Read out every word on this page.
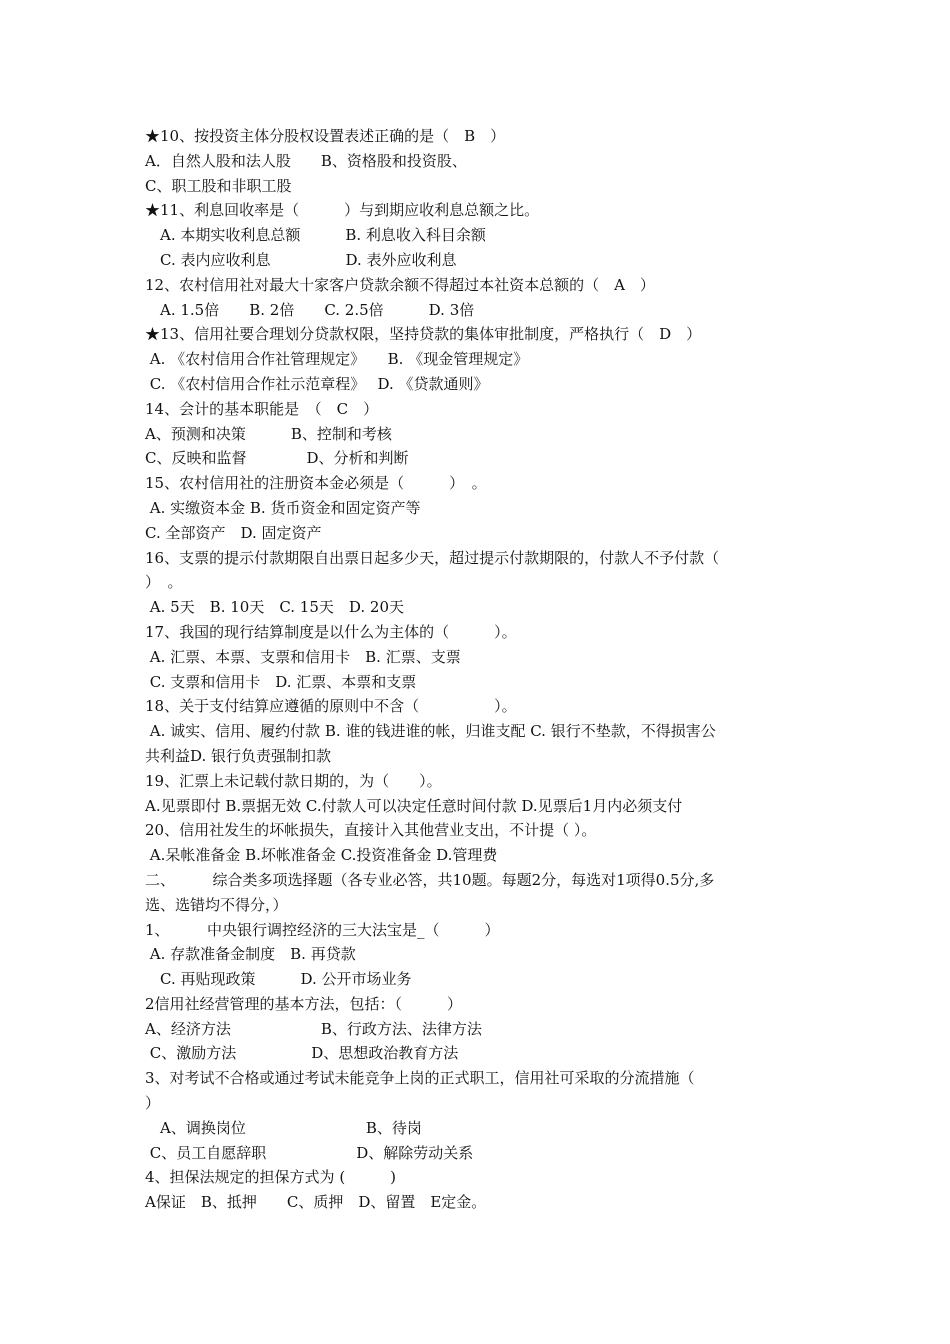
★10、按投资主体分股权设置表述正确的是（　B　）
A．自然人股和法人股　　B、资格股和投资股、
C、职工股和非职工股
★11、利息回收率是（　　　）与到期应收利息总额之比。
　A. 本期实收利息总额　　　B. 利息收入科目余额
　C. 表内应收利息　　　　　D. 表外应收利息
12、农村信用社对最大十家客户贷款余额不得超过本社资本总额的（　A　）
　A. 1.5倍　　B. 2倍　　C. 2.5倍　　　D. 3倍
★13、信用社要合理划分贷款权限，坚持贷款的集体审批制度，严格执行（　D　）
A. 《农村信用合作社管理规定》　　B. 《现金管理规定》
C. 《农村信用合作社示范章程》　 D. 《贷款通则》
14、会计的基本职能是　（　C　）
A、预测和决策　　　B、控制和考核
C、反映和监督　　　　D、分析和判断
15、农村信用社的注册资本金必须是（　　　）　。
A. 实缴资本金 B. 货币资金和固定资产等
C. 全部资产　D. 固定资产
16、支票的提示付款期限自出票日起多少天，超过提示付款期限的，付款人不予付款（
）　。
A. 5天　B. 10天　C. 15天　D. 20天
17、我国的现行结算制度是以什么为主体的（　　　）。
A. 汇票、本票、支票和信用卡　B. 汇票、支票
C. 支票和信用卡　D. 汇票、本票和支票
18、关于支付结算应遵循的原则中不含（　　　　　）。
A. 诚实、信用、履约付款 B. 谁的钱进谁的帐，归谁支配 C. 银行不垫款，不得损害公
共利益D. 银行负责强制扣款
19、汇票上未记载付款日期的，为（　　）。
A.见票即付 B.票据无效 C.付款人可以决定任意时间付款 D.见票后1月内必须支付
20、信用社发生的坏帐损失，直接计入其他营业支出，不计提（ ）。
A.呆帐准备金 B.坏帐准备金 C.投资准备金 D.管理费
二、　　　综合类多项选择题（各专业必答，共10题。每题2分，每选对1项得0.5分,多
选、选错均不得分，）
1、　　　中央银行调控经济的三大法宝是_（　　　）
A. 存款准备金制度　B. 再贷款
　C. 再贴现政策　　　D. 公开市场业务
2信用社经营管理的基本方法，包括：（　　　）
A、经济方法　　　　　　B、行政方法、法律方法
C、激励方法　　　　　D、思想政治教育方法
3、对考试不合格或通过考试未能竞争上岗的正式职工，信用社可采取的分流措施（
）
　A、调换岗位　　　　　　　　B、待岗
C、员工自愿辞职　　　　　　D、解除劳动关系
4、担保法规定的担保方式为 (　　　)
A保证　B、抵押　　C、质押　D、留置　E定金。
